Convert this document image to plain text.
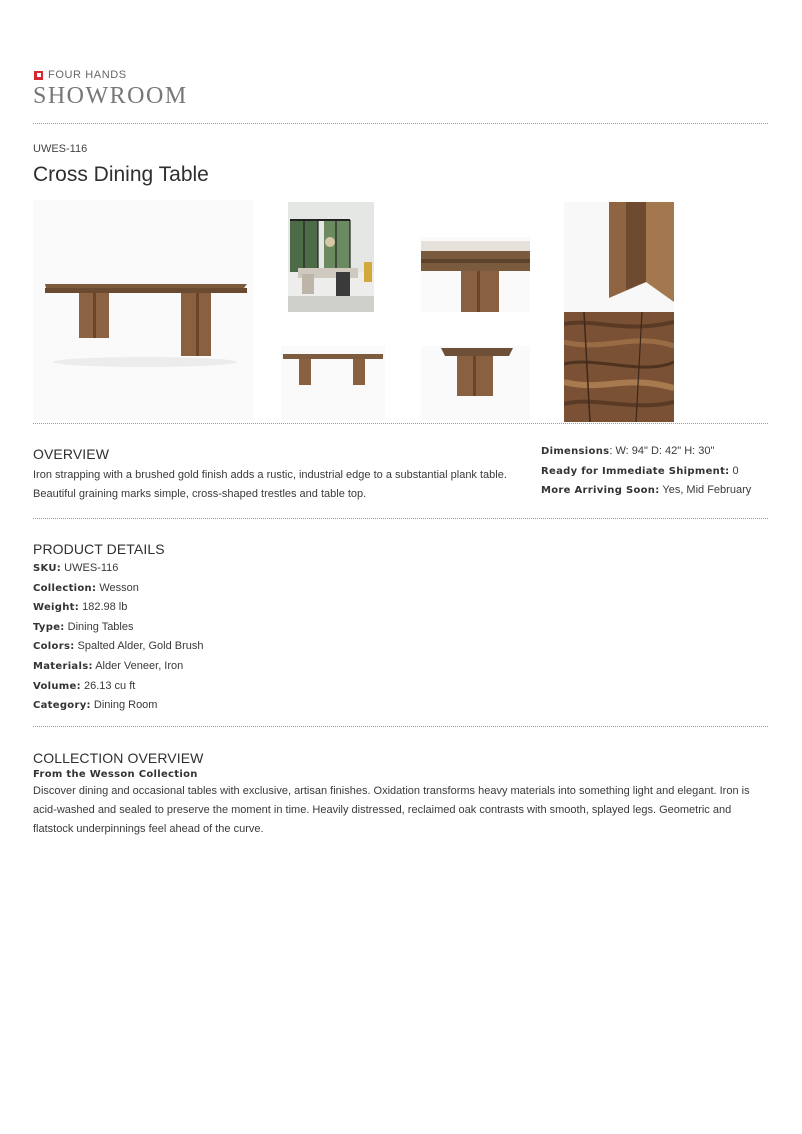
FOUR HANDS
SHOWROOM
UWES-116
Cross Dining Table
OVERVIEW

Iron strapping with a brushed gold finish adds a rustic, industrial edge to a substantial plank table. Beautiful graining marks simple, cross-shaped trestles and table top.

Dimensions: W: 94" D: 42" H: 30"
Ready for Immediate Shipment: 0
More Arriving Soon: Yes, Mid February
PRODUCT DETAILS
SKU: UWES-116
Collection: Wesson
Weight: 182.98 lb
Type: Dining Tables
Colors: Spalted Alder, Gold Brush
Materials: Alder Veneer, Iron
Volume: 26.13 cu ft
Category: Dining Room
COLLECTION OVERVIEW
From the Wesson Collection

Discover dining and occasional tables with exclusive, artisan finishes. Oxidation transforms heavy materials into something light and elegant. Iron is acid-washed and sealed to preserve the moment in time. Heavily distressed, reclaimed oak contrasts with smooth, splayed legs. Geometric and flatstock underpinnings feel ahead of the curve.
